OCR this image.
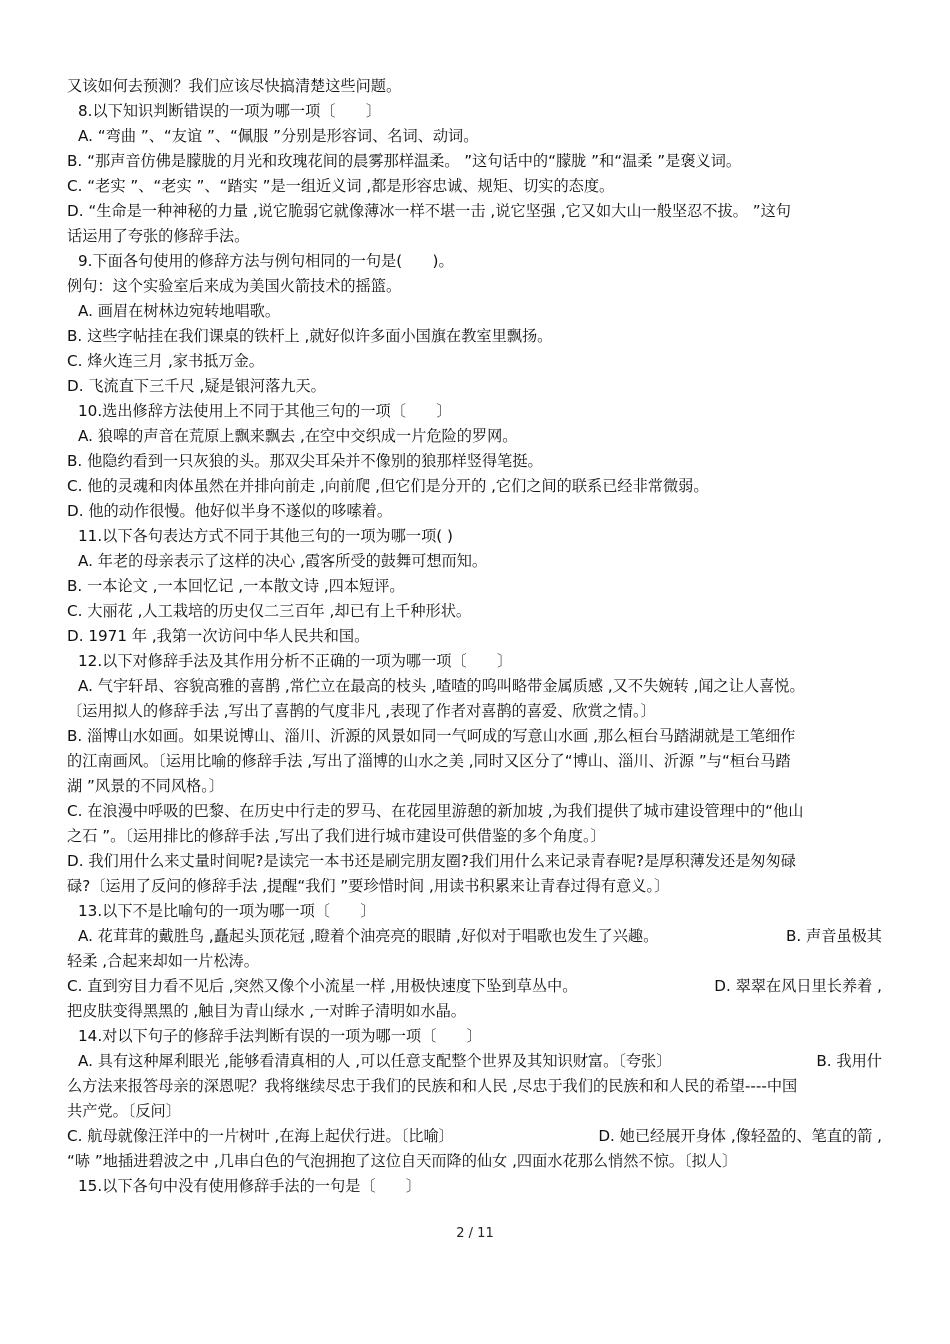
又该如何去预测？我们应该尽快搞清楚这些问题。
8.以下知识判断错误的一项为哪一项〔　　〕
A. “弯曲 ”、“友谊 ”、“佩服 ”分别是形容词、名词、动词。
B. “那声音仿佛是朦胧的月光和玫瑰花间的晨雾那样温柔。 ”这句话中的“朦胧 ”和“温柔 ”是褒义词。
C. “老实 ”、“老实 ”、“踏实 ”是一组近义词 ,都是形容忠诚、规矩、切实的态度。
D. “生命是一种神秘的力量 ,说它脆弱它就像薄冰一样不堪一击 ,说它坚强 ,它又如大山一般坚忍不拔。 ”这句
话运用了夸张的修辞手法。
9.下面各句使用的修辞方法与例句相同的一句是(　　)。
例句：这个实验室后来成为美国火箭技术的摇篮。
A. 画眉在树林边宛转地唱歌。
B. 这些字帖挂在我们课桌的铁杆上 ,就好似许多面小国旗在教室里飘扬。
C. 烽火连三月 ,家书抵万金。
D. 飞流直下三千尺 ,疑是银河落九天。
10.选出修辞方法使用上不同于其他三句的一项〔　　〕
A. 狼嗥的声音在荒原上飘来飘去 ,在空中交织成一片危险的罗网。
B. 他隐约看到一只灰狼的头。那双尖耳朵并不像别的狼那样竖得笔挺。
C. 他的灵魂和肉体虽然在并排向前走 ,向前爬 ,但它们是分开的 ,它们之间的联系已经非常微弱。
D. 他的动作很慢。他好似半身不遂似的哆嗦着。
11.以下各句表达方式不同于其他三句的一项为哪一项( )
A. 年老的母亲表示了这样的决心 ,霞客所受的鼓舞可想而知。
B. 一本论文 ,一本回忆记 ,一本散文诗 ,四本短评。
C. 大丽花 ,人工栽培的历史仅二三百年 ,却已有上千种形状。
D. 1971 年 ,我第一次访问中华人民共和国。
12.以下对修辞手法及其作用分析不正确的一项为哪一项〔　　〕
A. 气宇轩昂、容貌高雅的喜鹊 ,常伫立在最高的枝头 ,喳喳的呜叫略带金属质感 ,又不失婉转 ,闻之让人喜悦。
〔运用拟人的修辞手法 ,写出了喜鹊的气度非凡 ,表现了作者对喜鹊的喜爱、欣赏之情。〕
B. 淄博山水如画。如果说博山、淄川、沂源的风景如同一气呵成的写意山水画 ,那么桓台马踏湖就是工笔细作
的江南画风。〔运用比喻的修辞手法 ,写出了淄博的山水之美 ,同时又区分了“博山、淄川、沂源 ”与“桓台马踏
湖 ”风景的不同风格。〕
C. 在浪漫中呼吸的巴黎、在历史中行走的罗马、在花园里游憩的新加坡 ,为我们提供了城市建设管理中的“他山
之石 ”。〔运用排比的修辞手法 ,写出了我们进行城市建设可供借鉴的多个角度。〕
D. 我们用什么来丈量时间呢?是读完一本书还是刷完朋友圈?我们用什么来记录青春呢?是厚积薄发还是匆匆碌
碌?〔运用了反问的修辞手法 ,提醒“我们 ”要珍惜时间 ,用读书积累来让青春过得有意义。〕
13.以下不是比喻句的一项为哪一项〔　　〕
A. 花茸茸的戴胜鸟 ,矗起头顶花冠 ,瞪着个油亮亮的眼睛 ,好似对于唱歌也发生了兴趣。	B. 声音虽极其
轻柔 ,合起来却如一片松涛。
C. 直到穷目力看不见后 ,突然又像个小流星一样 ,用极快速度下坠到草丛中。	D. 翠翠在风日里长养着 ,
把皮肤变得黑黑的 ,触目为青山绿水 ,一对眸子清明如水晶。
14.对以下句子的修辞手法判断有误的一项为哪一项〔　　〕
A. 具有这种犀利眼光 ,能够看清真相的人 ,可以任意支配整个世界及其知识财富。〔夸张〕	B. 我用什
么方法来报答母亲的深恩呢？我将继续尽忠于我们的民族和和人民 ,尽忠于我们的民族和和人民的希望----中国
共产党。〔反问〕
C. 航母就像汪洋中的一片树叶 ,在海上起伏行进。〔比喻〕	D. 她已经展开身体 ,像轻盈的、笔直的箭 ,
“哧 ”地插进碧波之中 ,几串白色的气泡拥抱了这位自天而降的仙女 ,四面水花那么悄然不惊。〔拟人〕
15.以下各句中没有使用修辞手法的一句是〔　　〕
2 / 11
